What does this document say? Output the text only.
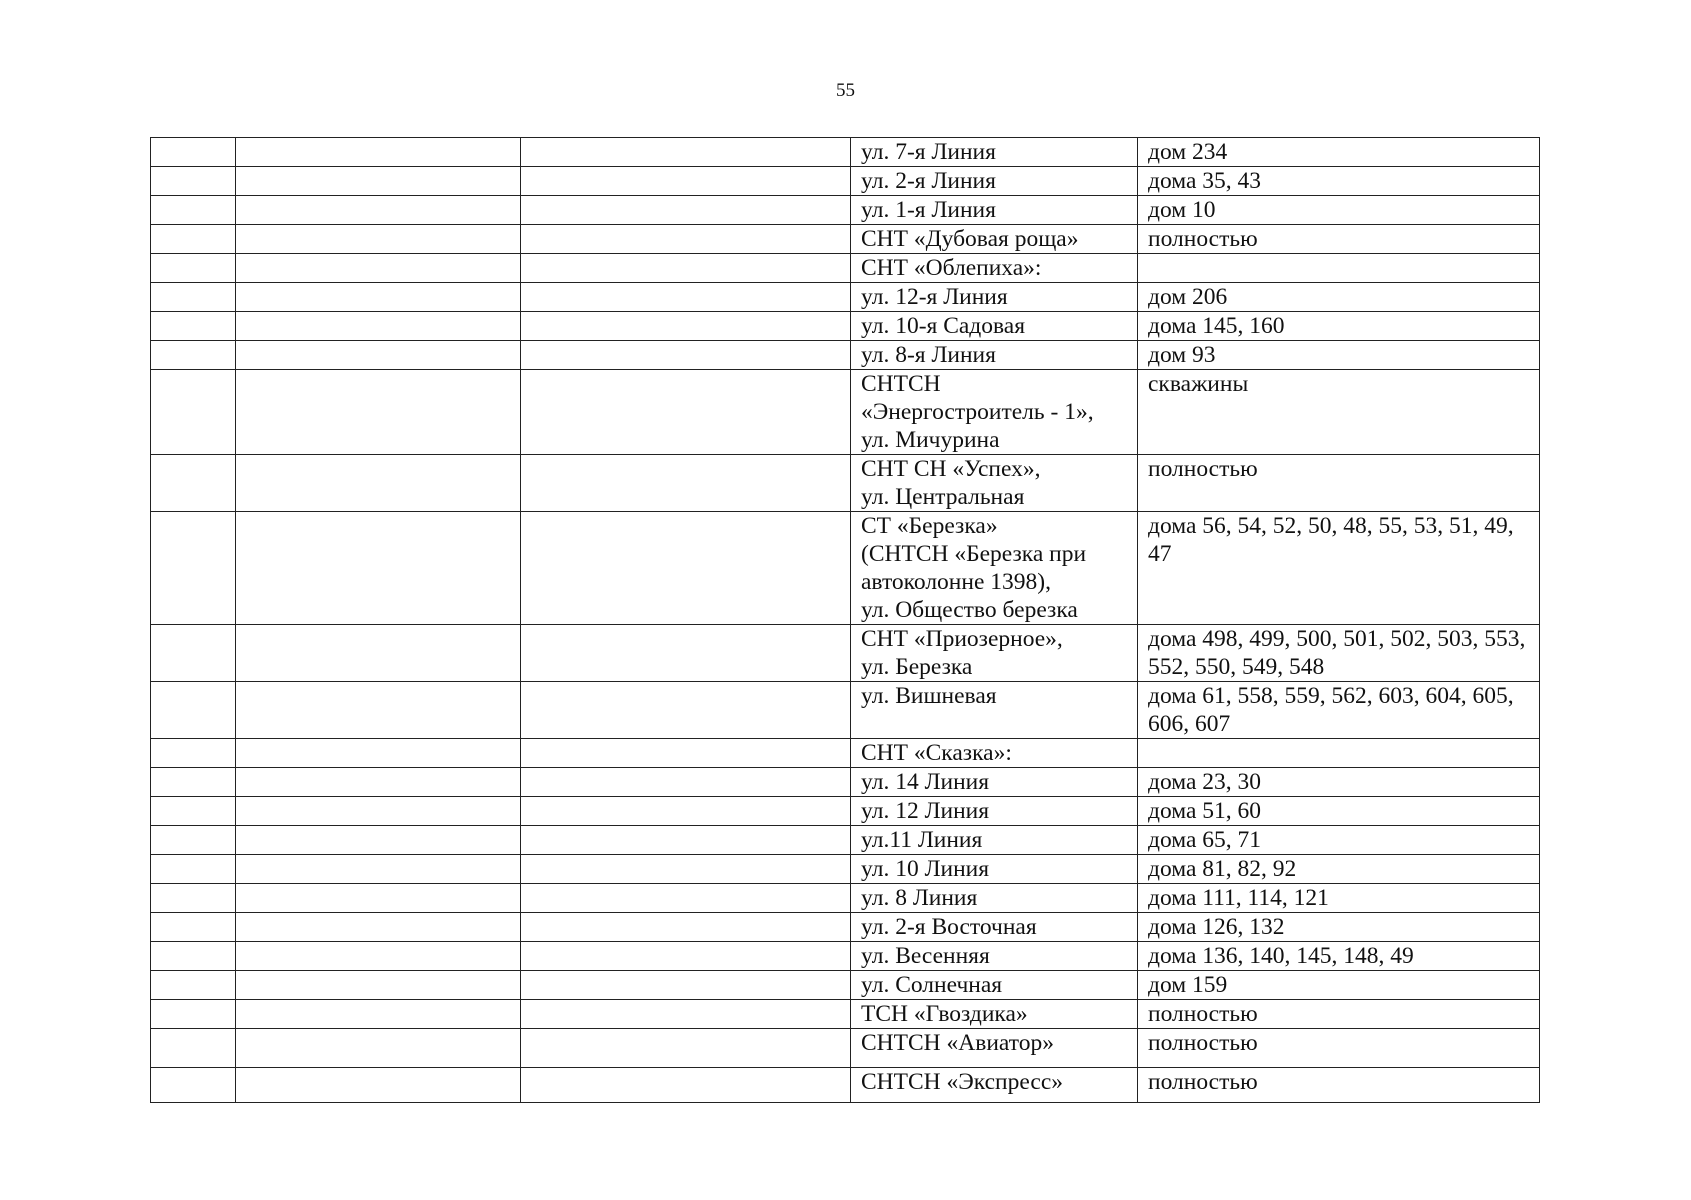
55
			ул. 7-я Линия	дом 234
			ул. 2-я Линия	дома 35, 43
			ул. 1-я Линия	дом 10
			СНТ «Дубовая роща»	полностью
			СНТ «Облепиха»:	
			ул. 12-я Линия	дом 206
			ул. 10-я Садовая	дома 145, 160
			ул. 8-я Линия	дом 93
			СНТСН
«Энергостроитель - 1»,
ул. Мичурина	скважины
			СНТ СН «Успех»,
ул. Центральная	полностью
			СТ «Березка»
(СНТСН «Березка при
автоколонне 1398),
ул. Общество березка	дома 56, 54, 52, 50, 48, 55, 53, 51, 49,
47
			СНТ «Приозерное»,
ул. Березка	дома 498, 499, 500, 501, 502, 503, 553,
552, 550, 549, 548
			ул. Вишневая	дома 61, 558, 559, 562, 603, 604, 605,
606, 607
			СНТ «Сказка»:	
			ул. 14 Линия	дома 23, 30
			ул. 12 Линия	дома 51, 60
			ул.11 Линия	дома 65, 71
			ул. 10 Линия	дома 81, 82, 92
			ул. 8 Линия	дома 111, 114, 121
			ул. 2-я Восточная	дома 126, 132
			ул. Весенняя	дома 136, 140, 145, 148, 49
			ул. Солнечная	дом 159
			ТСН «Гвоздика»	полностью
			СНТСН «Авиатор»	полностью
			СНТСН «Экспресс»	полностью
